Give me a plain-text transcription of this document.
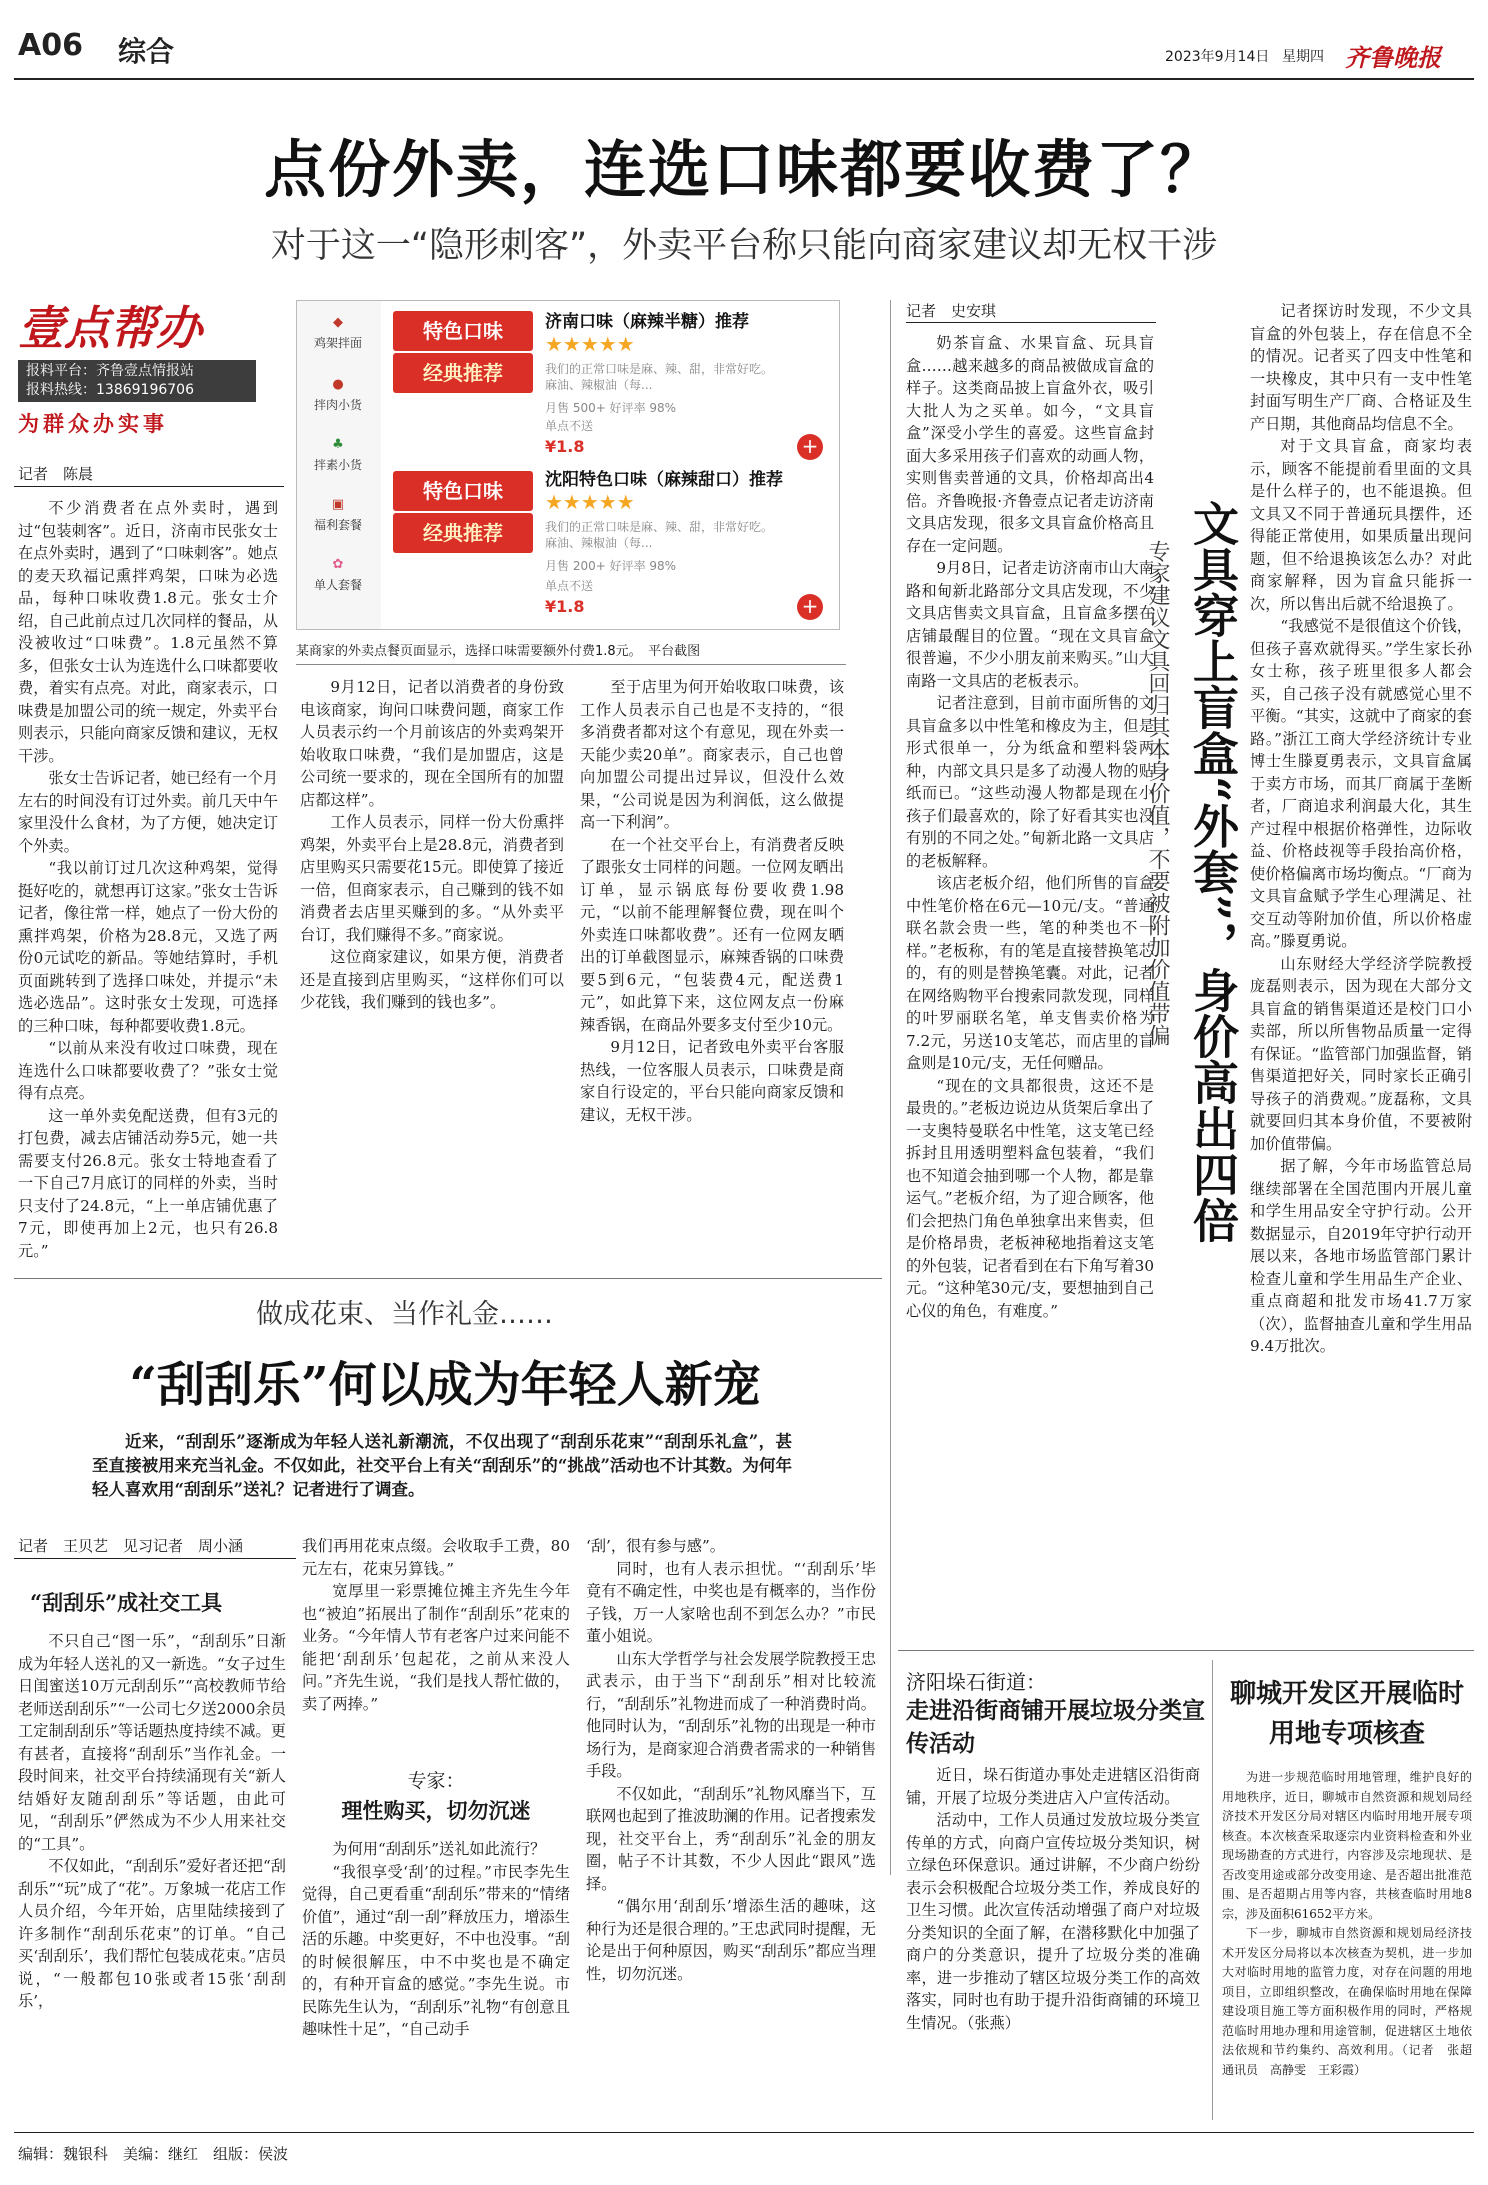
A06 综合	2023年9月14日 星期四 齐鲁晚报
点份外卖，连选口味都要收费了？
对于这一“隐形刺客”，外卖平台称只能向商家建议却无权干涉
壹点帮办
报料平台：齐鲁壹点情报站
报料热线：13869196706
为群众办实事
记者　陈晨

不少消费者在点外卖时，遇到过“包装刺客”。近日，济南市民张女士在点外卖时，遇到了“口味刺客”。她点的麦天玖福记熏拌鸡架，口味为必选品，每种口味收费1.8元。张女士介绍，自己此前点过几次同样的餐品，从没被收过“口味费”。1.8元虽然不算多，但张女士认为连选什么口味都要收费，着实有点亮。对此，商家表示，口味费是加盟公司的统一规定，外卖平台则表示，只能向商家反馈和建议，无权干涉。

张女士告诉记者，她已经有一个月左右的时间没有订过外卖。前几天中午家里没什么食材，为了方便，她决定订个外卖。

“我以前订过几次这种鸡架，觉得挺好吃的，就想再订这家。”张女士告诉记者，像往常一样，她点了一份大份的熏拌鸡架，价格为28.8元，又选了两份0元试吃的新品。等她结算时，手机页面跳转到了选择口味处，并提示“未选必选品”。这时张女士发现，可选择的三种口味，每种都要收费1.8元。

“以前从来没有收过口味费，现在连选什么口味都要收费了？”张女士觉得有点亮。

这一单外卖免配送费，但有3元的打包费，减去店铺活动券5元，她一共需要支付26.8元。张女士特地查看了一下自己7月底订的同样的外卖，当时只支付了24.8元，“上一单店铺优惠了7元，即使再加上2元，也只有26.8元。”

◆
鸡架拌面
●
拌肉小货
♣
拌素小货
▣
福利套餐
✿
单人套餐
特色口味
经典推荐
济南口味（麻辣半糖）推荐 ★★★★★
我们的正常口味是麻、辣、甜，非常好吃。麻油、辣椒油（每...
月售 500+ 好评率 98%
单点不送
¥1.8	+
特色口味
经典推荐
沈阳特色口味（麻辣甜口）推荐 ★★★★★
我们的正常口味是麻、辣、甜，非常好吃。麻油、辣椒油（每...
月售 200+ 好评率 98%
单点不送
¥1.8	+
某商家的外卖点餐页面显示，选择口味需要额外付费1.8元。　平台截图

9月12日，记者以消费者的身份致电该商家，询问口味费问题，商家工作人员表示约一个月前该店的外卖鸡架开始收取口味费，“我们是加盟店，这是公司统一要求的，现在全国所有的加盟店都这样”。

工作人员表示，同样一份大份熏拌鸡架，外卖平台上是28.8元，消费者到店里购买只需要花15元。即使算了接近一倍，但商家表示，自己赚到的钱不如消费者去店里买赚到的多。“从外卖平台订，我们赚得不多。”商家说。

这位商家建议，如果方便，消费者还是直接到店里购买，“这样你们可以少花钱，我们赚到的钱也多”。

至于店里为何开始收取口味费，该工作人员表示自己也是不支持的，“很多消费者都对这个有意见，现在外卖一天能少卖20单”。商家表示，自己也曾向加盟公司提出过异议，但没什么效果，“公司说是因为利润低，这么做提高一下利润”。

在一个社交平台上，有消费者反映了跟张女士同样的问题。一位网友晒出订单，显示锅底每份要收费1.98元，“以前不能理解餐位费，现在叫个外卖连口味都收费”。还有一位网友晒出的订单截图显示，麻辣香锅的口味费要5到6元，“包装费4元，配送费1元”，如此算下来，这位网友点一份麻辣香锅，在商品外要多支付至少10元。

9月12日，记者致电外卖平台客服热线，一位客服人员表示，口味费是商家自行设定的，平台只能向商家反馈和建议，无权干涉。

记者　史安琪

奶茶盲盒、水果盲盒、玩具盲盒……越来越多的商品被做成盲盒的样子。这类商品披上盲盒外衣，吸引大批人为之买单。如今，“文具盲盒”深受小学生的喜爱。这些盲盒封面大多采用孩子们喜欢的动画人物，实则售卖普通的文具，价格却高出4倍。齐鲁晚报·齐鲁壹点记者走访济南文具店发现，很多文具盲盒价格高且存在一定问题。

9月8日，记者走访济南市山大南路和甸新北路部分文具店发现，不少文具店售卖文具盲盒，且盲盒多摆在店铺最醒目的位置。“现在文具盲盒很普遍，不少小朋友前来购买。”山大南路一文具店的老板表示。

记者注意到，目前市面所售的文具盲盒多以中性笔和橡皮为主，但是形式很单一，分为纸盒和塑料袋两种，内部文具只是多了动漫人物的贴纸而已。“这些动漫人物都是现在小孩子们最喜欢的，除了好看其实也没有别的不同之处。”甸新北路一文具店的老板解释。

该店老板介绍，他们所售的盲盒中性笔价格在6元—10元/支。“普通联名款会贵一些，笔的种类也不一样。”老板称，有的笔是直接替换笔芯的，有的则是替换笔囊。对此，记者在网络购物平台搜索同款发现，同样的叶罗丽联名笔，单支售卖价格为7.2元，另送10支笔芯，而店里的盲盒则是10元/支，无任何赠品。

“现在的文具都很贵，这还不是最贵的。”老板边说边从货架后拿出了一支奥特曼联名中性笔，这支笔已经拆封且用透明塑料盒包装着，“我们也不知道会抽到哪一个人物，都是靠运气。”老板介绍，为了迎合顾客，他们会把热门角色单独拿出来售卖，但是价格昂贵，老板神秘地指着这支笔的外包装，记者看到在右下角写着30元。“这种笔30元/支，要想抽到自己心仪的角色，有难度。”

专家建议文具回归其本身价值，不要被附加价值带偏 文具穿上盲盒“外套”，身价高出四倍

记者探访时发现，不少文具盲盒的外包装上，存在信息不全的情况。记者买了四支中性笔和一块橡皮，其中只有一支中性笔封面写明生产厂商、合格证及生产日期，其他商品均信息不全。

对于文具盲盒，商家均表示，顾客不能提前看里面的文具是什么样子的，也不能退换。但文具又不同于普通玩具摆件，还得能正常使用，如果质量出现问题，但不给退换该怎么办？对此商家解释，因为盲盒只能拆一次，所以售出后就不给退换了。

“我感觉不是很值这个价钱，但孩子喜欢就得买。”学生家长孙女士称，孩子班里很多人都会买，自己孩子没有就感觉心里不平衡。“其实，这就中了商家的套路。”浙江工商大学经济统计专业博士生滕夏勇表示，文具盲盒属于卖方市场，而其厂商属于垄断者，厂商追求利润最大化，其生产过程中根据价格弹性，边际收益、价格歧视等手段抬高价格，使价格偏离市场均衡点。“厂商为文具盲盒赋予学生心理满足、社交互动等附加价值，所以价格虚高。”滕夏勇说。

山东财经大学经济学院教授庞磊则表示，因为现在大部分文具盲盒的销售渠道还是校门口小卖部，所以所售物品质量一定得有保证。“监管部门加强监督，销售渠道把好关，同时家长正确引导孩子的消费观。”庞磊称，文具就要回归其本身价值，不要被附加价值带偏。

据了解，今年市场监管总局继续部署在全国范围内开展儿童和学生用品安全守护行动。公开数据显示，自2019年守护行动开展以来，各地市场监管部门累计检查儿童和学生用品生产企业、重点商超和批发市场41.7万家（次），监督抽查儿童和学生用品9.4万批次。

做成花束、当作礼金……
“刮刮乐”何以成为年轻人新宠
近来，“刮刮乐”逐渐成为年轻人送礼新潮流，不仅出现了“刮刮乐花束”“刮刮乐礼盒”，甚至直接被用来充当礼金。不仅如此，社交平台上有关“刮刮乐”的“挑战”活动也不计其数。为何年轻人喜欢用“刮刮乐”送礼？记者进行了调查。
记者　王贝艺　见习记者　周小涵
“刮刮乐”成社交工具

不只自己“图一乐”，“刮刮乐”日渐成为年轻人送礼的又一新选。“女子过生日闺蜜送10万元刮刮乐”“高校教师节给老师送刮刮乐”“一公司七夕送2000余员工定制刮刮乐”等话题热度持续不减。更有甚者，直接将“刮刮乐”当作礼金。一段时间来，社交平台持续涌现有关“新人结婚好友随刮刮乐”等话题，由此可见，“刮刮乐”俨然成为不少人用来社交的“工具”。

不仅如此，“刮刮乐”爱好者还把“刮刮乐”“玩”成了“花”。万象城一花店工作人员介绍，今年开始，店里陆续接到了许多制作“刮刮乐花束”的订单。“自己买‘刮刮乐’，我们帮忙包装成花束。”店员说，“一般都包10张或者15张‘刮刮乐’，

我们再用花束点缀。会收取手工费，80元左右，花束另算钱。”

宽厚里一彩票摊位摊主齐先生今年也“被迫”拓展出了制作“刮刮乐”花束的业务。“今年情人节有老客户过来问能不能把‘刮刮乐’包起花，之前从来没人问。”齐先生说，“我们是找人帮忙做的，卖了两捧。”

专家：
理性购买，切勿沉迷

为何用“刮刮乐”送礼如此流行？

“我很享受‘刮’的过程。”市民李先生觉得，自己更看重“刮刮乐”带来的“情绪价值”，通过“刮一刮”释放压力，增添生活的乐趣。中奖更好，不中也没事。“刮的时候很解压，中不中奖也是不确定的，有种开盲盒的感觉。”李先生说。市民陈先生认为，“刮刮乐”礼物“有创意且趣味性十足”，“自己动手

‘刮’，很有参与感”。

同时，也有人表示担忧。“‘刮刮乐’毕竟有不确定性，中奖也是有概率的，当作份子钱，万一人家啥也刮不到怎么办？”市民董小姐说。

山东大学哲学与社会发展学院教授王忠武表示，由于当下“刮刮乐”相对比较流行，“刮刮乐”礼物进而成了一种消费时尚。他同时认为，“刮刮乐”礼物的出现是一种市场行为，是商家迎合消费者需求的一种销售手段。

不仅如此，“刮刮乐”礼物风靡当下，互联网也起到了推波助澜的作用。记者搜索发现，社交平台上，秀“刮刮乐”礼金的朋友圈，帖子不计其数，不少人因此“跟风”选择。

“偶尔用‘刮刮乐’增添生活的趣味，这种行为还是很合理的。”王忠武同时提醒，无论是出于何种原因，购买“刮刮乐”都应当理性，切勿沉迷。

济阳垛石街道：
走进沿街商铺开展垃圾分类宣传活动

近日，垛石街道办事处走进辖区沿街商铺，开展了垃圾分类进店入户宣传活动。

活动中，工作人员通过发放垃圾分类宣传单的方式，向商户宣传垃圾分类知识，树立绿色环保意识。通过讲解，不少商户纷纷表示会积极配合垃圾分类工作，养成良好的卫生习惯。此次宣传活动增强了商户对垃圾分类知识的全面了解，在潜移默化中加强了商户的分类意识，提升了垃圾分类的准确率，进一步推动了辖区垃圾分类工作的高效落实，同时也有助于提升沿街商铺的环境卫生情况。（张燕）

聊城开发区开展临时用地专项核查

为进一步规范临时用地管理，维护良好的用地秩序，近日，聊城市自然资源和规划局经济技术开发区分局对辖区内临时用地开展专项核查。本次核查采取逐宗内业资料检查和外业现场勘查的方式进行，内容涉及宗地现状、是否改变用途或部分改变用途、是否超出批准范围、是否超期占用等内容，共核查临时用地8宗，涉及面积61652平方米。

下一步，聊城市自然资源和规划局经济技术开发区分局将以本次核查为契机，进一步加大对临时用地的监管力度，对存在问题的用地项目，立即组织整改，在确保临时用地在保障建设项目施工等方面积极作用的同时，严格规范临时用地办理和用途管制，促进辖区土地依法依规和节约集约、高效利用。（记者　张超　通讯员　高静雯　王彩霞）

编辑：魏银科　美编：继红　组版：侯波
